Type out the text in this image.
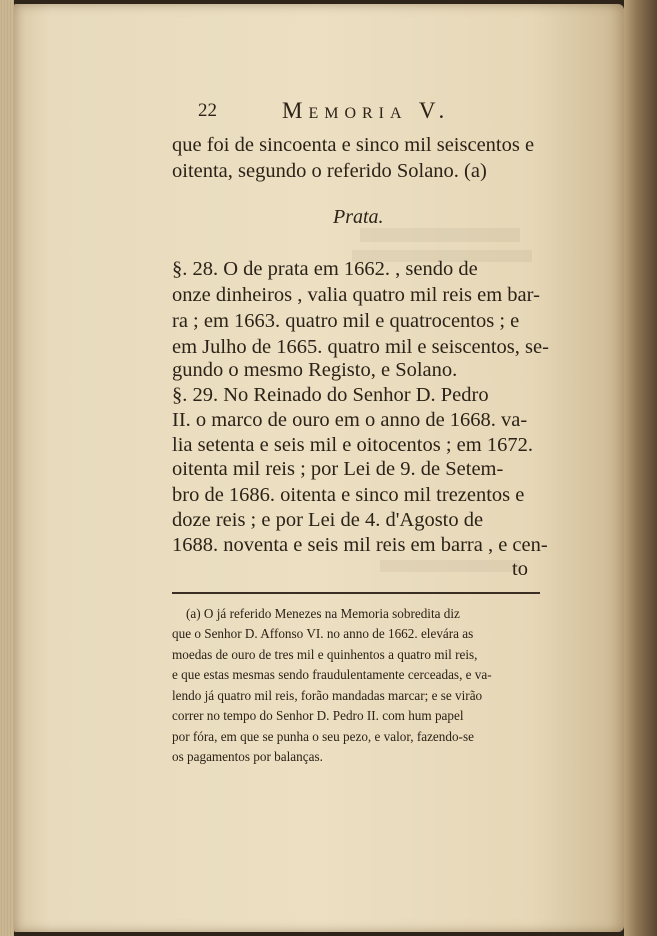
22	Memoria V.
que foi de sincoenta e sinco mil seiscentos e
oitenta, segundo o referido Solano. (a)
§. 28. O de prata em 1662. , sendo de
onze dinheiros , valia quatro mil reis em bar-
ra ; em 1663. quatro mil e quatrocentos ; e
em Julho de 1665. quatro mil e seiscentos, se-
gundo o mesmo Registo, e Solano.
§. 29. No Reinado do Senhor D. Pedro
II. o marco de ouro em o anno de 1668. va-
lia setenta e seis mil e oitocentos ; em 1672.
oitenta mil reis ; por Lei de 9. de Setem-
bro de 1686. oitenta e sinco mil trezentos e
doze reis ; e por Lei de 4. d'Agosto de
1688. noventa e seis mil reis em barra , e cen-
to
Prata.
(a) O já referido Menezes na Memoria sobredita diz
que o Senhor D. Affonso VI. no anno de 1662. elevára as
moedas de ouro de tres mil e quinhentos a quatro mil reis,
e que estas mesmas sendo fraudulentamente cerceadas, e va-
lendo já quatro mil reis, forão mandadas marcar; e se virão
correr no tempo do Senhor D. Pedro II. com hum papel
por fóra, em que se punha o seu pezo, e valor, fazendo-se
os pagamentos por balanças.
